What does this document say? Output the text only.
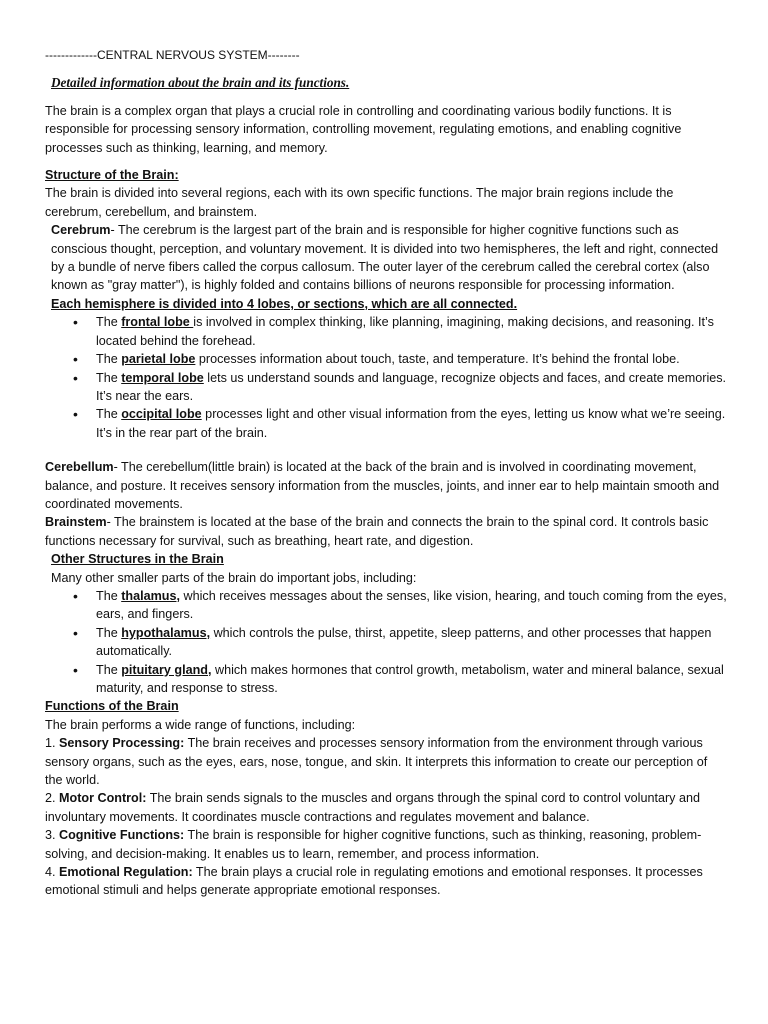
-------------CENTRAL NERVOUS SYSTEM--------

Detailed information about the brain and its functions.

The brain is a complex organ that plays a crucial role in controlling and coordinating various bodily functions. It is responsible for processing sensory information, controlling movement, regulating emotions, and enabling cognitive processes such as thinking, learning, and memory.

Structure of the Brain:

The brain is divided into several regions, each with its own specific functions. The major brain regions include the cerebrum, cerebellum, and brainstem.

Cerebrum- The cerebrum is the largest part of the brain and is responsible for higher cognitive functions such as conscious thought, perception, and voluntary movement. It is divided into two hemispheres, the left and right, connected by a bundle of nerve fibers called the corpus callosum. The outer layer of the cerebrum called the cerebral cortex (also known as "gray matter"), is highly folded and contains billions of neurons responsible for processing information.

Each hemisphere is divided into 4 lobes, or sections, which are all connected.

• The frontal lobe is involved in complex thinking, like planning, imagining, making decisions, and reasoning. It’s located behind the forehead.
• The parietal lobe processes information about touch, taste, and temperature. It’s behind the frontal lobe.
• The temporal lobe lets us understand sounds and language, recognize objects and faces, and create memories. It’s near the ears.
• The occipital lobe processes light and other visual information from the eyes, letting us know what we’re seeing. It’s in the rear part of the brain.

Cerebellum- The cerebellum(little brain) is located at the back of the brain and is involved in coordinating movement, balance, and posture. It receives sensory information from the muscles, joints, and inner ear to help maintain smooth and coordinated movements.

Brainstem- The brainstem is located at the base of the brain and connects the brain to the spinal cord. It controls basic functions necessary for survival, such as breathing, heart rate, and digestion.

Other Structures in the Brain

Many other smaller parts of the brain do important jobs, including:

• The thalamus, which receives messages about the senses, like vision, hearing, and touch coming from the eyes, ears, and fingers.
• The hypothalamus, which controls the pulse, thirst, appetite, sleep patterns, and other processes that happen automatically.
• The pituitary gland, which makes hormones that control growth, metabolism, water and mineral balance, sexual maturity, and response to stress.

Functions of the Brain

The brain performs a wide range of functions, including:

1. Sensory Processing: The brain receives and processes sensory information from the environment through various sensory organs, such as the eyes, ears, nose, tongue, and skin. It interprets this information to create our perception of the world.

2. Motor Control: The brain sends signals to the muscles and organs through the spinal cord to control voluntary and involuntary movements. It coordinates muscle contractions and regulates movement and balance.

3. Cognitive Functions: The brain is responsible for higher cognitive functions, such as thinking, reasoning, problem-solving, and decision-making. It enables us to learn, remember, and process information.

4. Emotional Regulation: The brain plays a crucial role in regulating emotions and emotional responses. It processes emotional stimuli and helps generate appropriate emotional responses.
